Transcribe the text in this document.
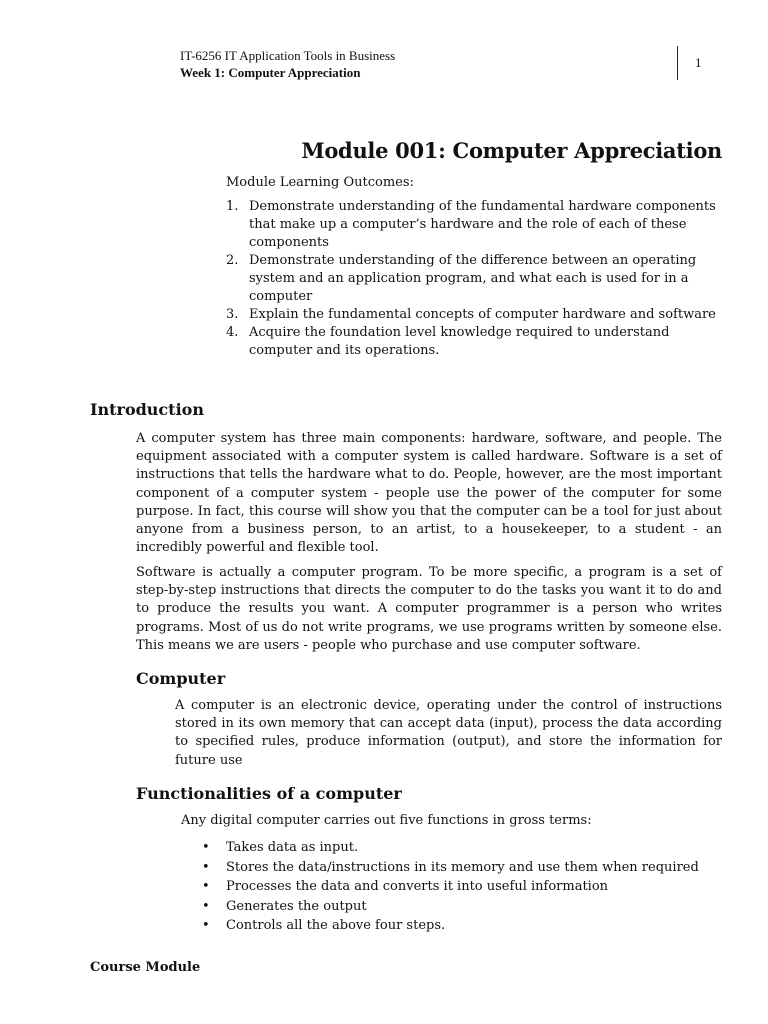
IT-6256 IT Application Tools in Business
Week 1: Computer Appreciation
1
Module 001: Computer Appreciation
Module Learning Outcomes:
1. Demonstrate understanding of the fundamental hardware components that make up a computer’s hardware and the role of each of these components
2. Demonstrate understanding of the difference between an operating system and an application program, and what each is used for in a computer
3. Explain the fundamental concepts of computer hardware and software
4. Acquire the foundation level knowledge required to understand computer and its operations.
Introduction

A computer system has three main components: hardware, software, and people. The equipment associated with a computer system is called hardware. Software is a set of instructions that tells the hardware what to do. People, however, are the most important component of a computer system - people use the power of the computer for some purpose. In fact, this course will show you that the computer can be a tool for just about anyone from a business person, to an artist, to a housekeeper, to a student - an incredibly powerful and flexible tool.

Software is actually a computer program. To be more specific, a program is a set of step-by-step instructions that directs the computer to do the tasks you want it to do and to produce the results you want. A computer programmer is a person who writes programs. Most of us do not write programs, we use programs written by someone else. This means we are users - people who purchase and use computer software.

Computer

A computer is an electronic device, operating under the control of instructions stored in its own memory that can accept data (input), process the data according to specified rules, produce information (output), and store the information for future use

Functionalities of a computer

Any digital computer carries out five functions in gross terms:

• Takes data as input.
• Stores the data/instructions in its memory and use them when required
• Processes the data and converts it into useful information
• Generates the output
• Controls all the above four steps.
Course Module
